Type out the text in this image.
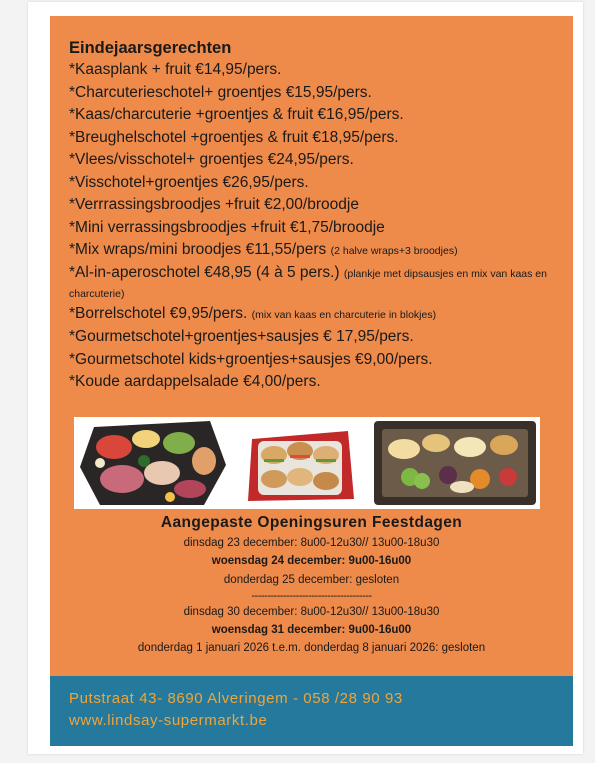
Eindejaarsgerechten
*Kaasplank + fruit €14,95/pers.
*Charcuterieschotel+ groentjes €15,95/pers.
*Kaas/charcuterie +groentjes & fruit €16,95/pers.
*Breughelschotel +groentjes & fruit €18,95/pers.
*Vlees/visschotel+ groentjes €24,95/pers.
*Visschotel+groentjes €26,95/pers.
*Verrrassingsbroodjes +fruit €2,00/broodje
*Mini verrassingsbroodjes +fruit €1,75/broodje
*Mix wraps/mini broodjes €11,55/pers (2 halve wraps+3 broodjes)
*Al-in-aperoschotel €48,95 (4 à 5 pers.) (plankje met dipsausjes en mix van kaas en charcuterie)
*Borrelschotel €9,95/pers. (mix van kaas en charcuterie in blokjes)
*Gourmetschotel+groentjes+sausjes € 17,95/pers.
*Gourmetschotel kids+groentjes+sausjes €9,00/pers.
*Koude aardappelsalade €4,00/pers.
Aangepaste Openingsuren Feestdagen
dinsdag 23 december: 8u00-12u30// 13u00-18u30
woensdag 24 december: 9u00-16u00
donderdag 25 december: gesloten
--------------------------------------
dinsdag 30 december: 8u00-12u30// 13u00-18u30
woensdag 31 december: 9u00-16u00
donderdag 1 januari 2026 t.e.m. donderdag 8 januari 2026: gesloten
Putstraat 43- 8690 Alveringem - 058 /28 90 93
www.lindsay-supermarkt.be
